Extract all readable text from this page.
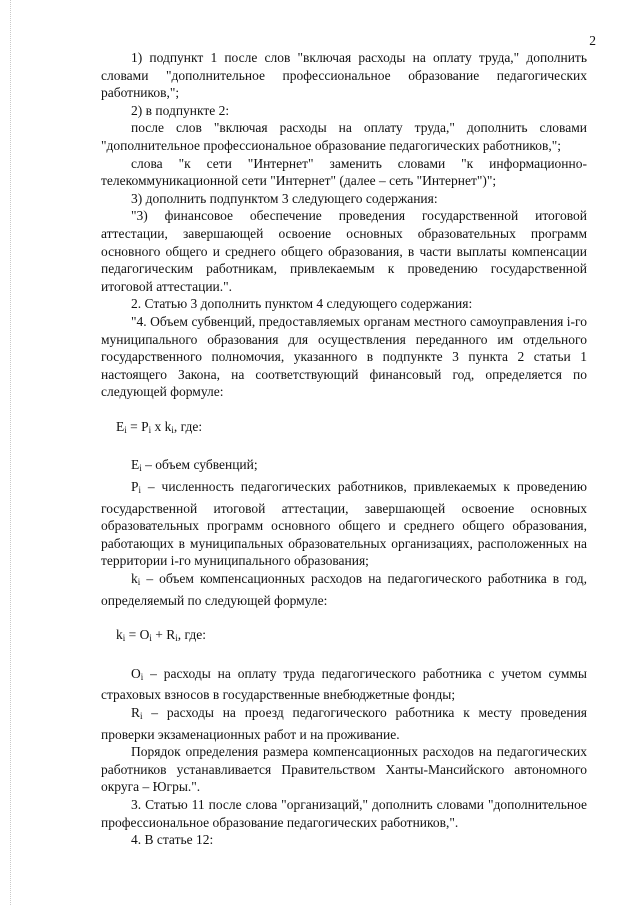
2

1) подпункт 1 после слов "включая расходы на оплату труда," дополнить словами "дополнительное профессиональное образование педагогических работников,";

2) в подпункте 2:

после слов "включая расходы на оплату труда," дополнить словами "дополнительное профессиональное образование педагогических работников,";

слова "к сети "Интернет" заменить словами "к информационно-телекоммуникационной сети "Интернет" (далее – сеть "Интернет")";

3) дополнить подпунктом 3 следующего содержания:

"3) финансовое обеспечение проведения государственной итоговой аттестации, завершающей освоение основных образовательных программ основного общего и среднего общего образования, в части выплаты компенсации педагогическим работникам, привлекаемым к проведению государственной итоговой аттестации.".

2. Статью 3 дополнить пунктом 4 следующего содержания:

"4. Объем субвенций, предоставляемых органам местного самоуправления i-го муниципального образования для осуществления переданного им отдельного государственного полномочия, указанного в подпункте 3 пункта 2 статьи 1 настоящего Закона, на соответствующий финансовый год, определяется по следующей формуле:

$E_i = P_i$ x $k_i$, где:

$E_i$ – объем субвенций;

$P_i$ – численность педагогических работников, привлекаемых к проведению государственной итоговой аттестации, завершающей освоение основных образовательных программ основного общего и среднего общего образования, работающих в муниципальных образовательных организациях, расположенных на территории i-го муниципального образования;

$k_i$ – объем компенсационных расходов на педагогического работника в год, определяемый по следующей формуле:

$k_i = O_i + R_i$, где:

$O_i$ – расходы на оплату труда педагогического работника с учетом суммы страховых взносов в государственные внебюджетные фонды;

$R_i$ – расходы на проезд педагогического работника к месту проведения проверки экзаменационных работ и на проживание.

Порядок определения размера компенсационных расходов на педагогических работников устанавливается Правительством Ханты-Мансийского автономного округа – Югры.".

3. Статью 11 после слова "организаций," дополнить словами "дополнительное профессиональное образование педагогических работников,".

4. В статье 12:
